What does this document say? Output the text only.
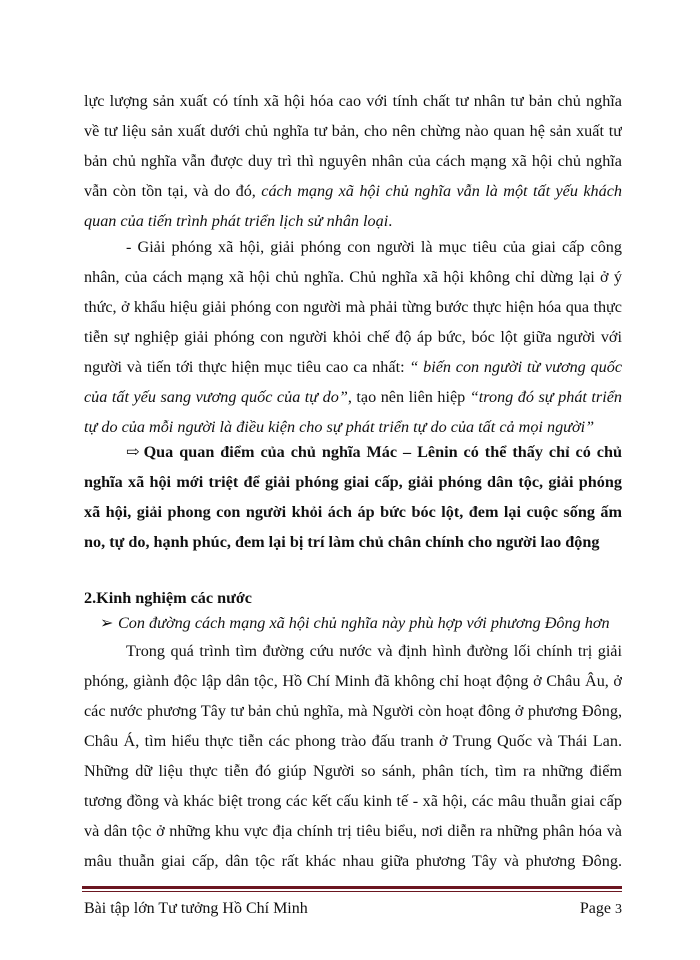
lực lượng sản xuất có tính xã hội hóa cao với tính chất tư nhân tư bản chủ nghĩa
về tư liệu sản xuất dưới chủ nghĩa tư bản, cho nên chừng nào quan hệ sản xuất tư
bản chủ nghĩa vẫn được duy trì thì nguyên nhân của cách mạng xã hội chủ nghĩa
vẫn còn tồn tại, và do đó, cách mạng xã hội chủ nghĩa vẫn là một tất yếu khách
quan của tiến trình phát triển lịch sử nhân loại.
- Giải phóng xã hội, giải phóng con người là mục tiêu của giai cấp công
nhân, của cách mạng xã hội chủ nghĩa. Chủ nghĩa xã hội không chỉ dừng lại ở ý
thức, ở khẩu hiệu giải phóng con người mà phải từng bước thực hiện hóa qua thực
tiễn sự nghiệp giải phóng con người khỏi chế độ áp bức, bóc lột giữa người với
người và tiến tới thực hiện mục tiêu cao ca nhất: “ biến con người từ vương quốc
của tất yếu sang vương quốc của tự do”, tạo nên liên hiệp “trong đó sự phát triển
tự do của mỗi người là điều kiện cho sự phát triển tự do của tất cả mọi người”
⇨ Qua quan điểm của chủ nghĩa Mác – Lênin có thể thấy chỉ có chủ
nghĩa xã hội mới triệt để giải phóng giai cấp, giải phóng dân tộc, giải phóng
xã hội, giải phong con người khỏi ách áp bức bóc lột, đem lại cuộc sống ấm
no, tự do, hạnh phúc, đem lại bị trí làm chủ chân chính cho người lao động
2.Kinh nghiệm các nước
➢ Con đường cách mạng xã hội chủ nghĩa này phù hợp với phương Đông hơn
Trong quá trình tìm đường cứu nước và định hình đường lối chính trị giải
phóng, giành độc lập dân tộc, Hồ Chí Minh đã không chỉ hoạt động ở Châu Âu, ở
các nước phương Tây tư bản chủ nghĩa, mà Người còn hoạt đông ở phương Đông,
Châu Á, tìm hiểu thực tiễn các phong trào đấu tranh ở Trung Quốc và Thái Lan.
Những dữ liệu thực tiễn đó giúp Người so sánh, phân tích, tìm ra những điểm
tương đồng và khác biệt trong các kết cấu kinh tế - xã hội, các mâu thuẫn giai cấp
và dân tộc ở những khu vực địa chính trị tiêu biểu, nơi diễn ra những phân hóa và
mâu thuẫn giai cấp, dân tộc rất khác nhau giữa phương Tây và phương Đông.
Bài tập lớn Tư tưởng Hồ Chí Minh	Page 3
